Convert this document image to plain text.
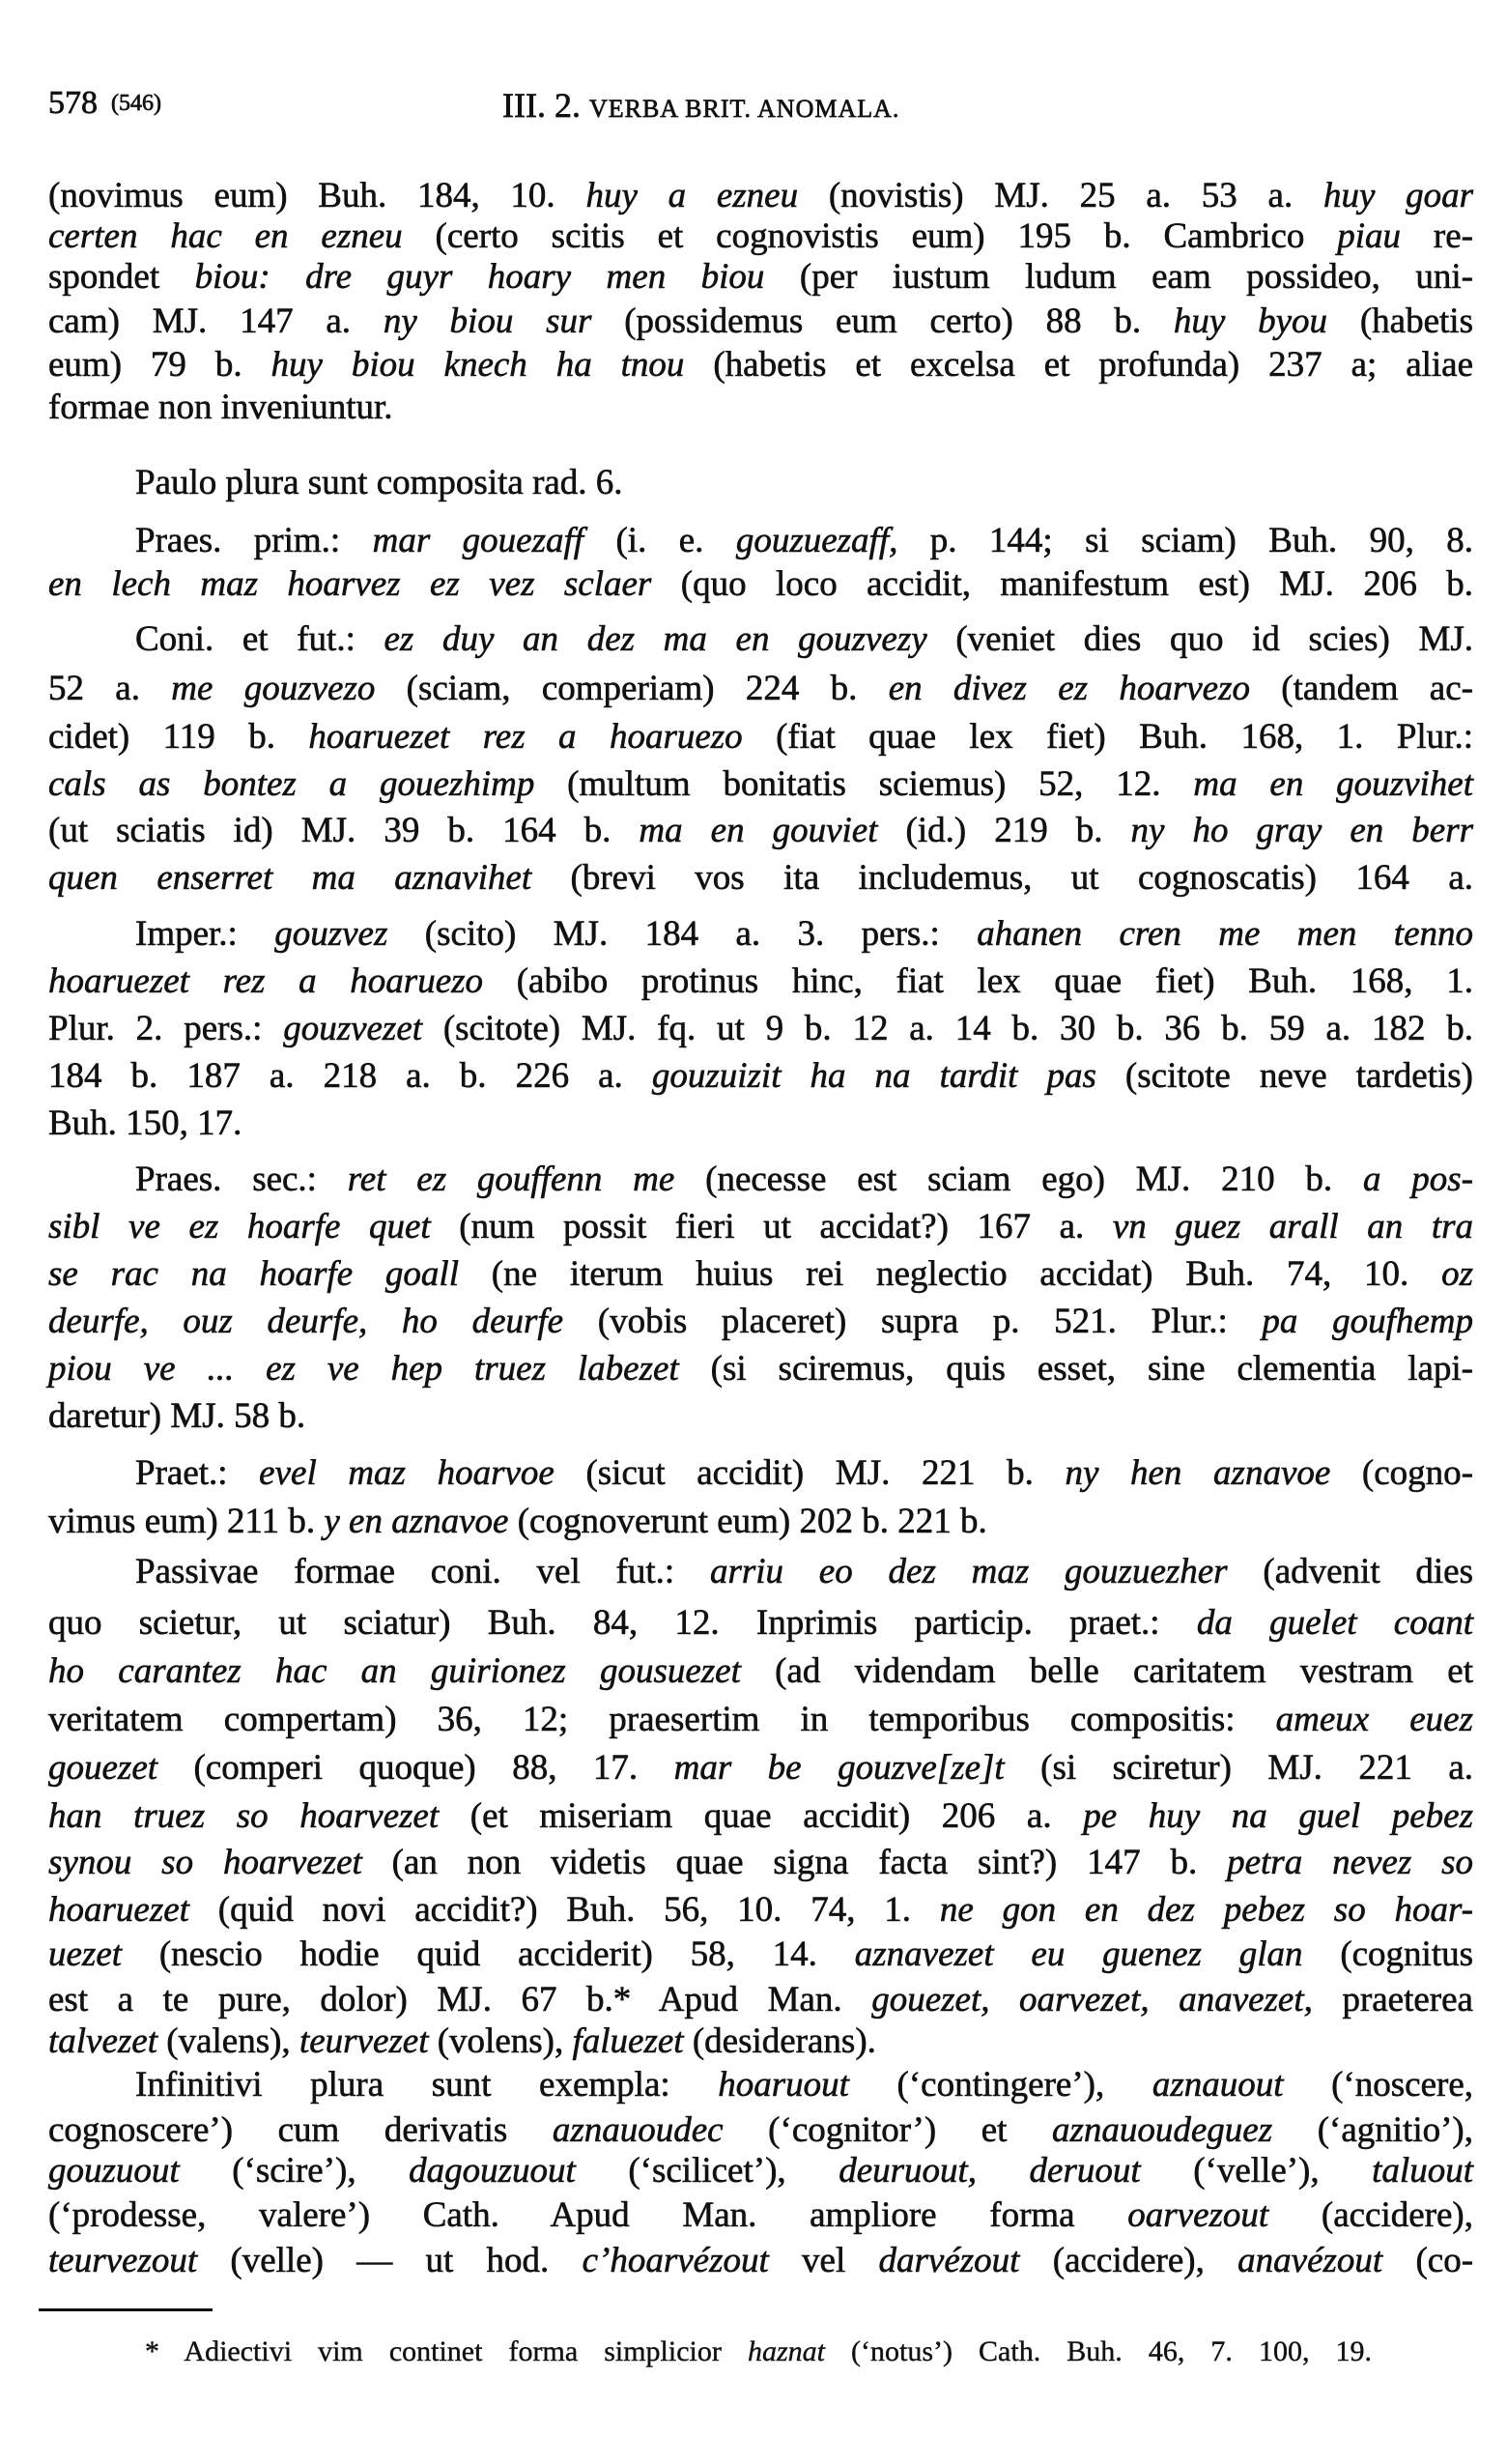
578 (546)	III. 2. VERBA BRIT. ANOMALA.
(novimus eum) Buh. 184, 10. huy a ezneu (novistis) MJ. 25 a. 53 a. huy goar
certen hac en ezneu (certo scitis et cognovistis eum) 195 b. Cambrico piau re-
spondet biou: dre guyr hoary men biou (per iustum ludum eam possideo, uni-
cam) MJ. 147 a. ny biou sur (possidemus eum certo) 88 b. huy byou (habetis
eum) 79 b. huy biou knech ha tnou (habetis et excelsa et profunda) 237 a; aliae
formae non inveniuntur.
Paulo plura sunt composita rad. 6.
Praes. prim.: mar gouezaff (i. e. gouzuezaff, p. 144; si sciam) Buh. 90, 8.
en lech maz hoarvez ez vez sclaer (quo loco accidit, manifestum est) MJ. 206 b.
Coni. et fut.: ez duy an dez ma en gouzvezy (veniet dies quo id scies) MJ.
52 a. me gouzvezo (sciam, comperiam) 224 b. en divez ez hoarvezo (tandem ac-
cidet) 119 b. hoaruezet rez a hoaruezo (fiat quae lex fiet) Buh. 168, 1. Plur.:
cals as bontez a gouezhimp (multum bonitatis sciemus) 52, 12. ma en gouzvihet
(ut sciatis id) MJ. 39 b. 164 b. ma en gouviet (id.) 219 b. ny ho gray en berr
quen enserret ma aznavihet (brevi vos ita includemus, ut cognoscatis) 164 a.
Imper.: gouzvez (scito) MJ. 184 a. 3. pers.: ahanen cren me men tenno
hoaruezet rez a hoaruezo (abibo protinus hinc, fiat lex quae fiet) Buh. 168, 1.
Plur. 2. pers.: gouzvezet (scitote) MJ. fq. ut 9 b. 12 a. 14 b. 30 b. 36 b. 59 a. 182 b.
184 b. 187 a. 218 a. b. 226 a. gouzuizit ha na tardit pas (scitote neve tardetis)
Buh. 150, 17.
Praes. sec.: ret ez gouffenn me (necesse est sciam ego) MJ. 210 b. a pos-
sibl ve ez hoarfe quet (num possit fieri ut accidat?) 167 a. vn guez arall an tra
se rac na hoarfe goall (ne iterum huius rei neglectio accidat) Buh. 74, 10. oz
deurfe, ouz deurfe, ho deurfe (vobis placeret) supra p. 521. Plur.: pa goufhemp
piou ve ... ez ve hep truez labezet (si sciremus, quis esset, sine clementia lapi-
daretur) MJ. 58 b.
Praet.: evel maz hoarvoe (sicut accidit) MJ. 221 b. ny hen aznavoe (cogno-
vimus eum) 211 b. y en aznavoe (cognoverunt eum) 202 b. 221 b.
Passivae formae coni. vel fut.: arriu eo dez maz gouzuezher (advenit dies
quo scietur, ut sciatur) Buh. 84, 12. Inprimis particip. praet.: da guelet coant
ho carantez hac an guirionez gousuezet (ad videndam belle caritatem vestram et
veritatem compertam) 36, 12; praesertim in temporibus compositis: ameux euez
gouezet (comperi quoque) 88, 17. mar be gouzve[ze]t (si sciretur) MJ. 221 a.
han truez so hoarvezet (et miseriam quae accidit) 206 a. pe huy na guel pebez
synou so hoarvezet (an non videtis quae signa facta sint?) 147 b. petra nevez so
hoaruezet (quid novi accidit?) Buh. 56, 10. 74, 1. ne gon en dez pebez so hoar-
uezet (nescio hodie quid acciderit) 58, 14. aznavezet eu guenez glan (cognitus
est a te pure, dolor) MJ. 67 b.* Apud Man. gouezet, oarvezet, anavezet, praeterea
talvezet (valens), teurvezet (volens), faluezet (desiderans).
Infinitivi plura sunt exempla: hoaruout (‘contingere’), aznauout (‘noscere,
cognoscere’) cum derivatis aznauoudec (‘cognitor’) et aznauoudeguez (‘agnitio’),
gouzuout (‘scire’), dagouzuout (‘scilicet’), deuruout, deruout (‘velle’), taluout
(‘prodesse, valere’) Cath. Apud Man. ampliore forma oarvezout (accidere),
teurvezout (velle) — ut hod. c’hoarvézout vel darvézout (accidere), anavézout (co-
* Adiectivi vim continet forma simplicior haznat (‘notus’) Cath. Buh. 46, 7. 100, 19.
